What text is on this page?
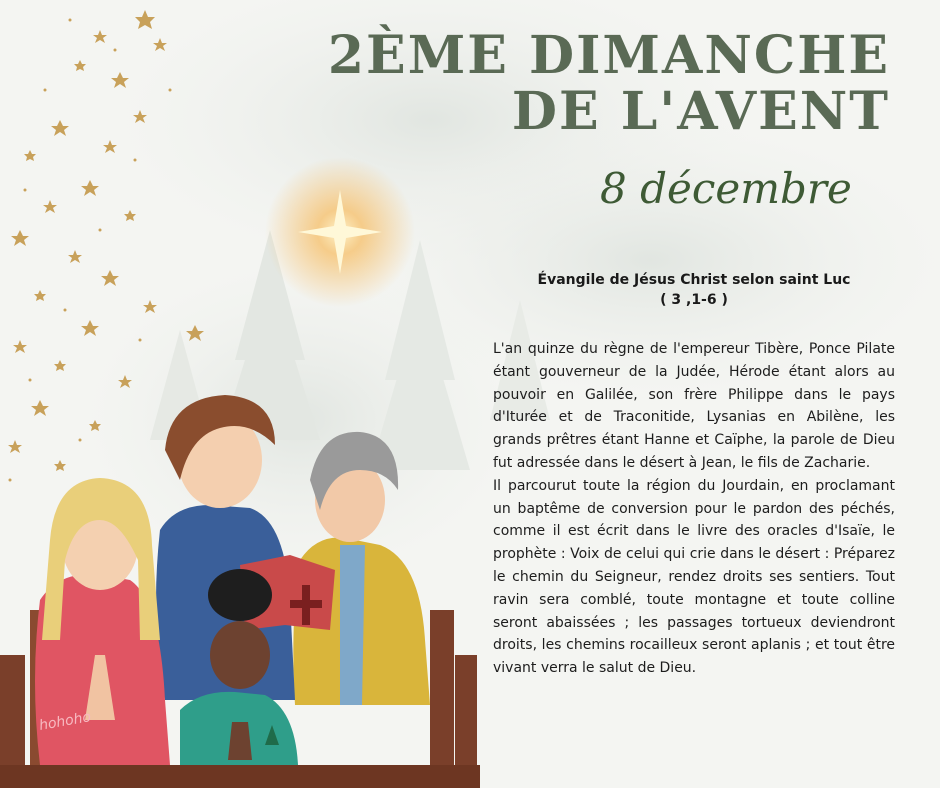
hohoho
2ÈME DIMANCHE
DE L'AVENT
8 décembre
Évangile de Jésus Christ selon saint Luc
( 3 ,1-6 )

L'an quinze du règne de l'empereur Tibère, Ponce Pilate étant gouverneur de la Judée, Hérode étant alors au pouvoir en Galilée, son frère Philippe dans le pays d'Iturée et de Traconitide, Lysanias en Abilène, les grands prêtres étant Hanne et Caïphe, la parole de Dieu fut adressée dans le désert à Jean, le fils de Zacharie.

Il parcourut toute la région du Jourdain, en proclamant un baptême de conversion pour le pardon des péchés, comme il est écrit dans le livre des oracles d'Isaïe, le prophète : Voix de celui qui crie dans le désert : Préparez le chemin du Seigneur, rendez droits ses sentiers. Tout ravin sera comblé, toute montagne et toute colline seront abaissées ; les passages tortueux deviendront droits, les chemins rocailleux seront aplanis ; et tout être vivant verra le salut de Dieu.
